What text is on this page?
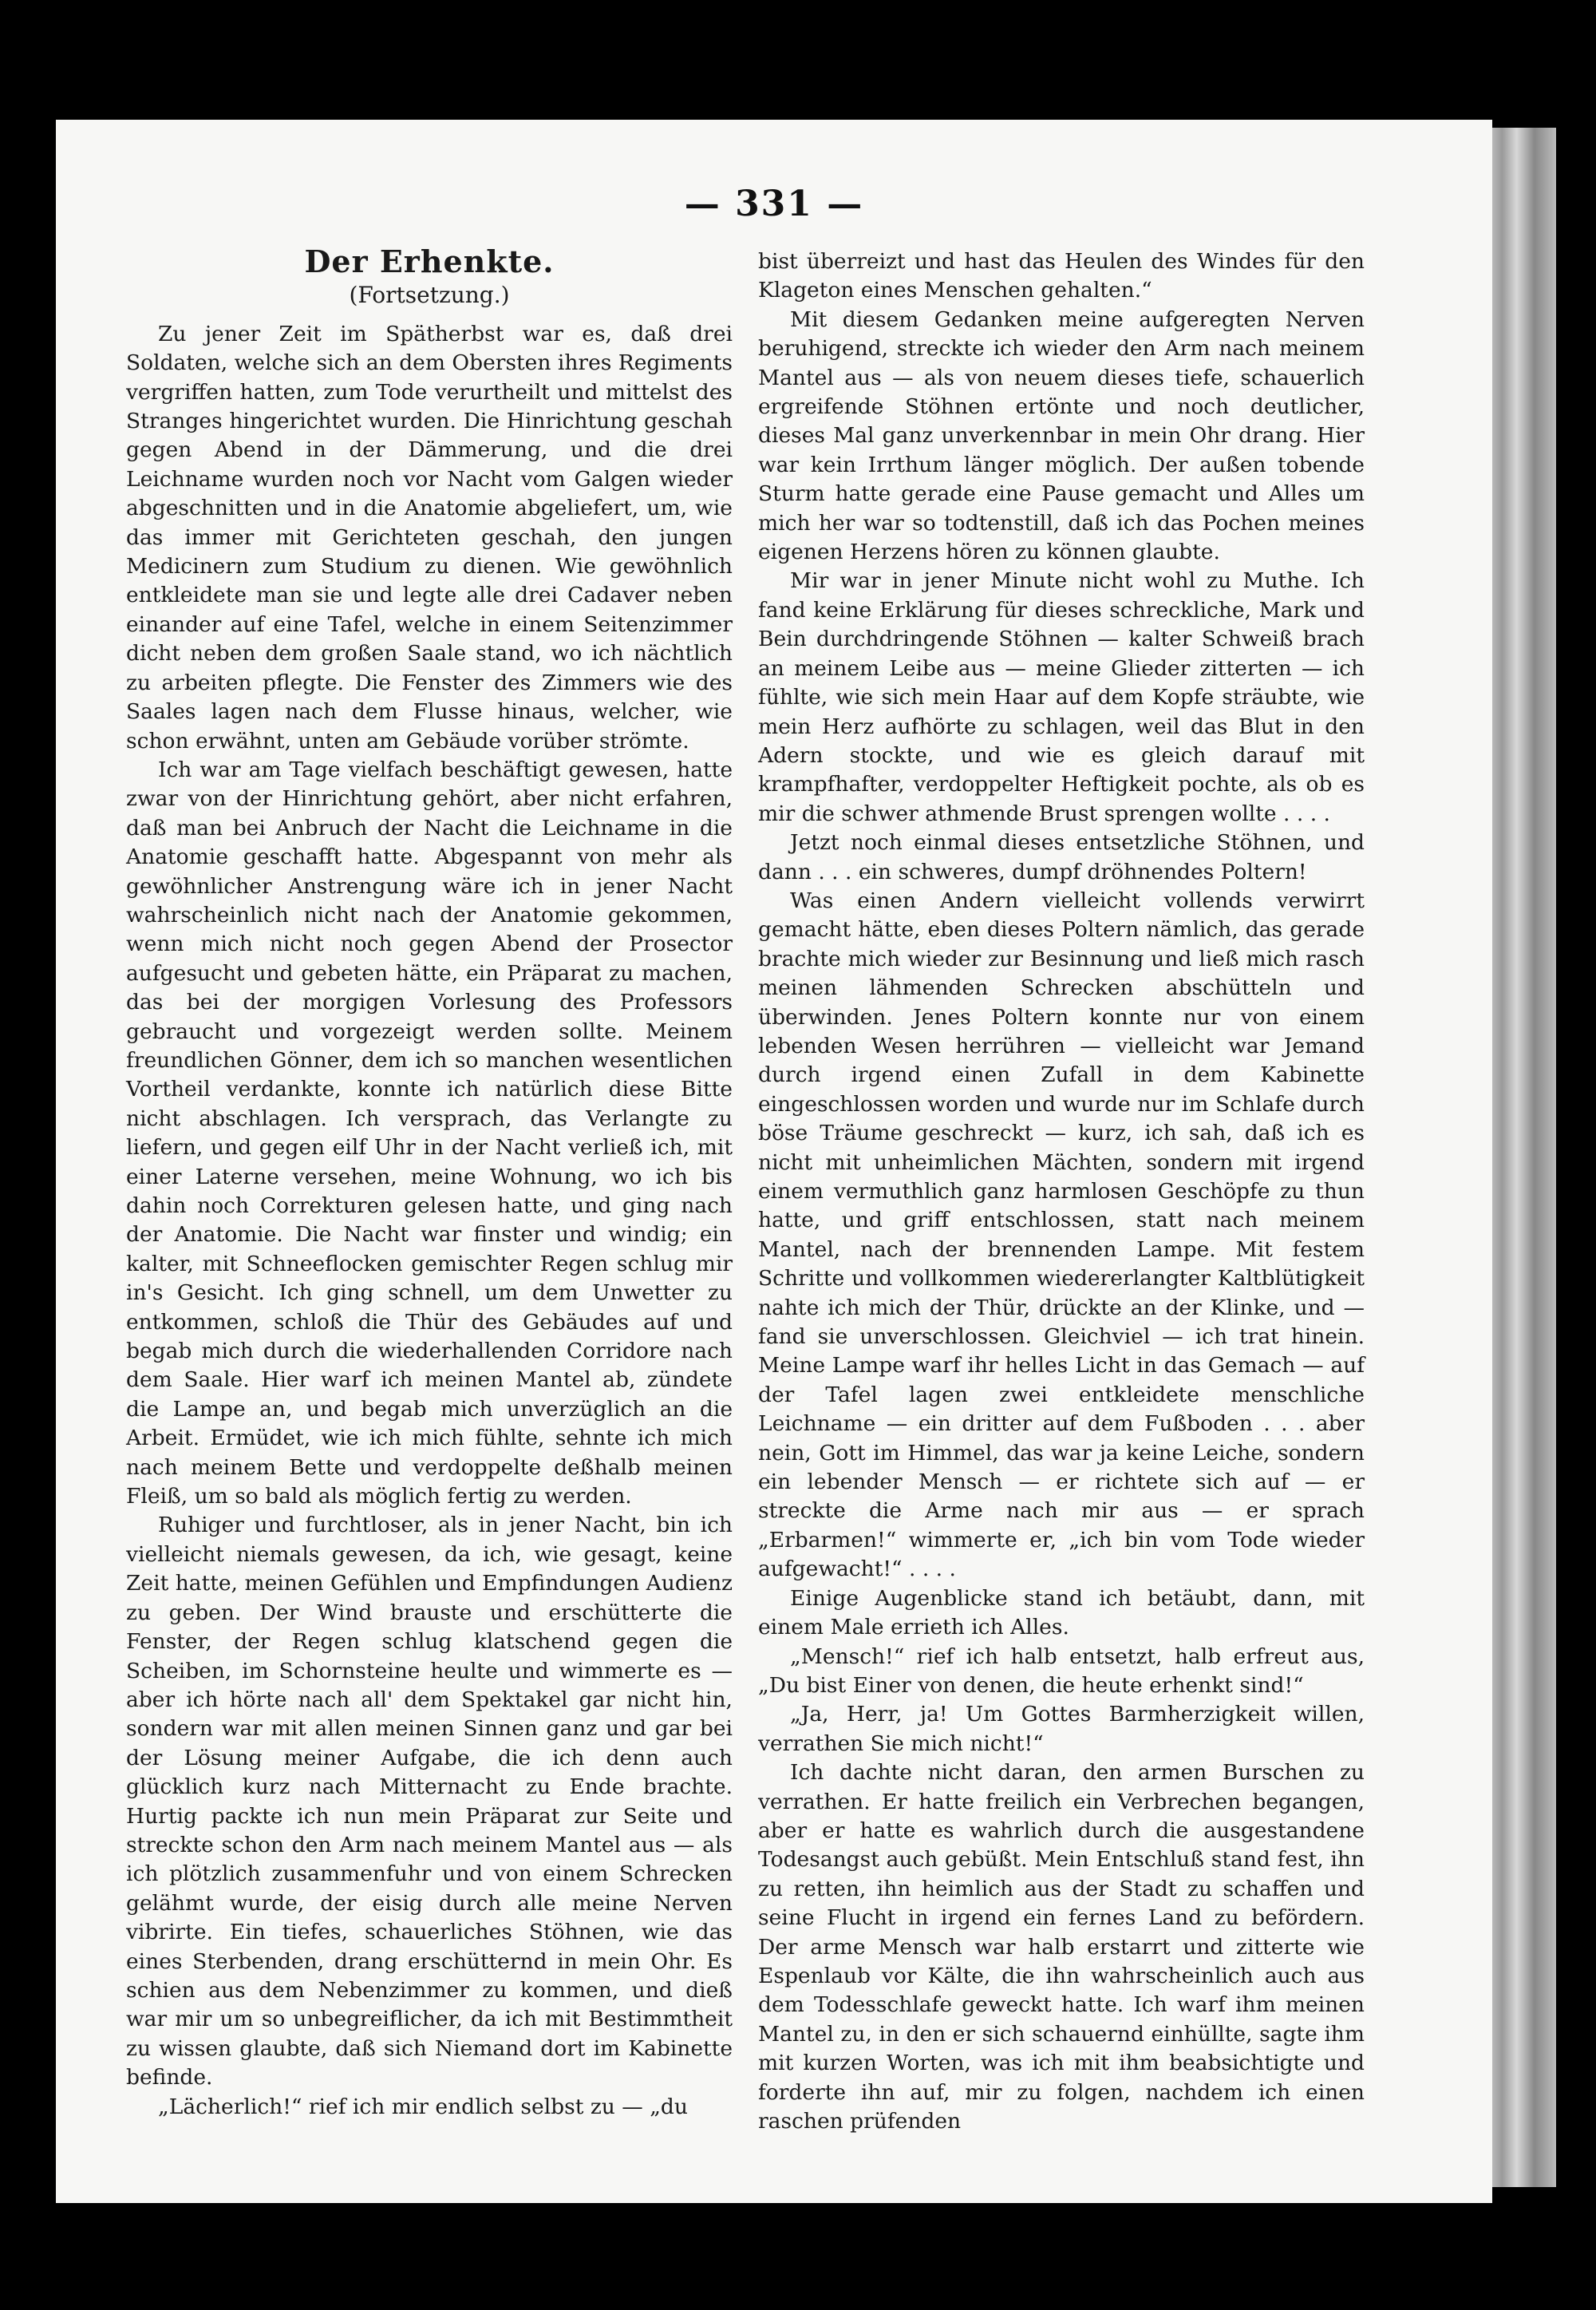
— 331 —
Der Erhenkte.
(Fortsetzung.)

Zu jener Zeit im Spätherbst war es, daß drei Soldaten, welche sich an dem Obersten ihres Regiments vergriffen hatten, zum Tode verurtheilt und mittelst des Stranges hingerichtet wurden. Die Hinrichtung geschah gegen Abend in der Dämmerung, und die drei Leichname wurden noch vor Nacht vom Galgen wieder abgeschnitten und in die Anatomie abgeliefert, um, wie das immer mit Gerichteten geschah, den jungen Medicinern zum Studium zu dienen. Wie gewöhnlich entkleidete man sie und legte alle drei Cadaver neben einander auf eine Tafel, welche in einem Seitenzimmer dicht neben dem großen Saale stand, wo ich nächtlich zu arbeiten pflegte. Die Fenster des Zimmers wie des Saales lagen nach dem Flusse hinaus, welcher, wie schon erwähnt, unten am Gebäude vorüber strömte.

Ich war am Tage vielfach beschäftigt gewesen, hatte zwar von der Hinrichtung gehört, aber nicht erfahren, daß man bei Anbruch der Nacht die Leichname in die Anatomie geschafft hatte. Abgespannt von mehr als gewöhnlicher Anstrengung wäre ich in jener Nacht wahrscheinlich nicht nach der Anatomie gekommen, wenn mich nicht noch gegen Abend der Prosector aufgesucht und gebeten hätte, ein Präparat zu machen, das bei der morgigen Vorlesung des Professors gebraucht und vorgezeigt werden sollte. Meinem freundlichen Gönner, dem ich so manchen wesentlichen Vortheil verdankte, konnte ich natürlich diese Bitte nicht abschlagen. Ich versprach, das Verlangte zu liefern, und gegen eilf Uhr in der Nacht verließ ich, mit einer Laterne versehen, meine Wohnung, wo ich bis dahin noch Correkturen gelesen hatte, und ging nach der Anatomie. Die Nacht war finster und windig; ein kalter, mit Schneeflocken gemischter Regen schlug mir in's Gesicht. Ich ging schnell, um dem Unwetter zu entkommen, schloß die Thür des Gebäudes auf und begab mich durch die wiederhallenden Corridore nach dem Saale. Hier warf ich meinen Mantel ab, zündete die Lampe an, und begab mich unverzüglich an die Arbeit. Ermüdet, wie ich mich fühlte, sehnte ich mich nach meinem Bette und verdoppelte deßhalb meinen Fleiß, um so bald als möglich fertig zu werden.

Ruhiger und furchtloser, als in jener Nacht, bin ich vielleicht niemals gewesen, da ich, wie gesagt, keine Zeit hatte, meinen Gefühlen und Empfindungen Audienz zu geben. Der Wind brauste und erschütterte die Fenster, der Regen schlug klatschend gegen die Scheiben, im Schornsteine heulte und wimmerte es — aber ich hörte nach all' dem Spektakel gar nicht hin, sondern war mit allen meinen Sinnen ganz und gar bei der Lösung meiner Aufgabe, die ich denn auch glücklich kurz nach Mitternacht zu Ende brachte. Hurtig packte ich nun mein Präparat zur Seite und streckte schon den Arm nach meinem Mantel aus — als ich plötzlich zusammenfuhr und von einem Schrecken gelähmt wurde, der eisig durch alle meine Nerven vibrirte. Ein tiefes, schauerliches Stöhnen, wie das eines Sterbenden, drang erschütternd in mein Ohr. Es schien aus dem Nebenzimmer zu kommen, und dieß war mir um so unbegreiflicher, da ich mit Bestimmtheit zu wissen glaubte, daß sich Niemand dort im Kabinette befinde.

„Lächerlich!“ rief ich mir endlich selbst zu — „du

bist überreizt und hast das Heulen des Windes für den Klageton eines Menschen gehalten.“

Mit diesem Gedanken meine aufgeregten Nerven beruhigend, streckte ich wieder den Arm nach meinem Mantel aus — als von neuem dieses tiefe, schauerlich ergreifende Stöhnen ertönte und noch deutlicher, dieses Mal ganz unverkennbar in mein Ohr drang. Hier war kein Irrthum länger möglich. Der außen tobende Sturm hatte gerade eine Pause gemacht und Alles um mich her war so todtenstill, daß ich das Pochen meines eigenen Herzens hören zu können glaubte.

Mir war in jener Minute nicht wohl zu Muthe. Ich fand keine Erklärung für dieses schreckliche, Mark und Bein durchdringende Stöhnen — kalter Schweiß brach an meinem Leibe aus — meine Glieder zitterten — ich fühlte, wie sich mein Haar auf dem Kopfe sträubte, wie mein Herz aufhörte zu schlagen, weil das Blut in den Adern stockte, und wie es gleich darauf mit krampfhafter, verdoppelter Heftigkeit pochte, als ob es mir die schwer athmende Brust sprengen wollte . . . .

Jetzt noch einmal dieses entsetzliche Stöhnen, und dann . . . ein schweres, dumpf dröhnendes Poltern!

Was einen Andern vielleicht vollends verwirrt gemacht hätte, eben dieses Poltern nämlich, das gerade brachte mich wieder zur Besinnung und ließ mich rasch meinen lähmenden Schrecken abschütteln und überwinden. Jenes Poltern konnte nur von einem lebenden Wesen herrühren — vielleicht war Jemand durch irgend einen Zufall in dem Kabinette eingeschlossen worden und wurde nur im Schlafe durch böse Träume geschreckt — kurz, ich sah, daß ich es nicht mit unheimlichen Mächten, sondern mit irgend einem vermuthlich ganz harmlosen Geschöpfe zu thun hatte, und griff entschlossen, statt nach meinem Mantel, nach der brennenden Lampe. Mit festem Schritte und vollkommen wiedererlangter Kaltblütigkeit nahte ich mich der Thür, drückte an der Klinke, und — fand sie unverschlossen. Gleichviel — ich trat hinein. Meine Lampe warf ihr helles Licht in das Gemach — auf der Tafel lagen zwei entkleidete menschliche Leichname — ein dritter auf dem Fußboden . . . aber nein, Gott im Himmel, das war ja keine Leiche, sondern ein lebender Mensch — er richtete sich auf — er streckte die Arme nach mir aus — er sprach „Erbarmen!“ wimmerte er, „ich bin vom Tode wieder aufgewacht!“ . . . .

Einige Augenblicke stand ich betäubt, dann, mit einem Male errieth ich Alles.

„Mensch!“ rief ich halb entsetzt, halb erfreut aus, „Du bist Einer von denen, die heute erhenkt sind!“

„Ja, Herr, ja! Um Gottes Barmherzigkeit willen, verrathen Sie mich nicht!“

Ich dachte nicht daran, den armen Burschen zu verrathen. Er hatte freilich ein Verbrechen begangen, aber er hatte es wahrlich durch die ausgestandene Todesangst auch gebüßt. Mein Entschluß stand fest, ihn zu retten, ihn heimlich aus der Stadt zu schaffen und seine Flucht in irgend ein fernes Land zu befördern. Der arme Mensch war halb erstarrt und zitterte wie Espenlaub vor Kälte, die ihn wahrscheinlich auch aus dem Todesschlafe geweckt hatte. Ich warf ihm meinen Mantel zu, in den er sich schauernd einhüllte, sagte ihm mit kurzen Worten, was ich mit ihm beabsichtigte und forderte ihn auf, mir zu folgen, nachdem ich einen raschen prüfenden
